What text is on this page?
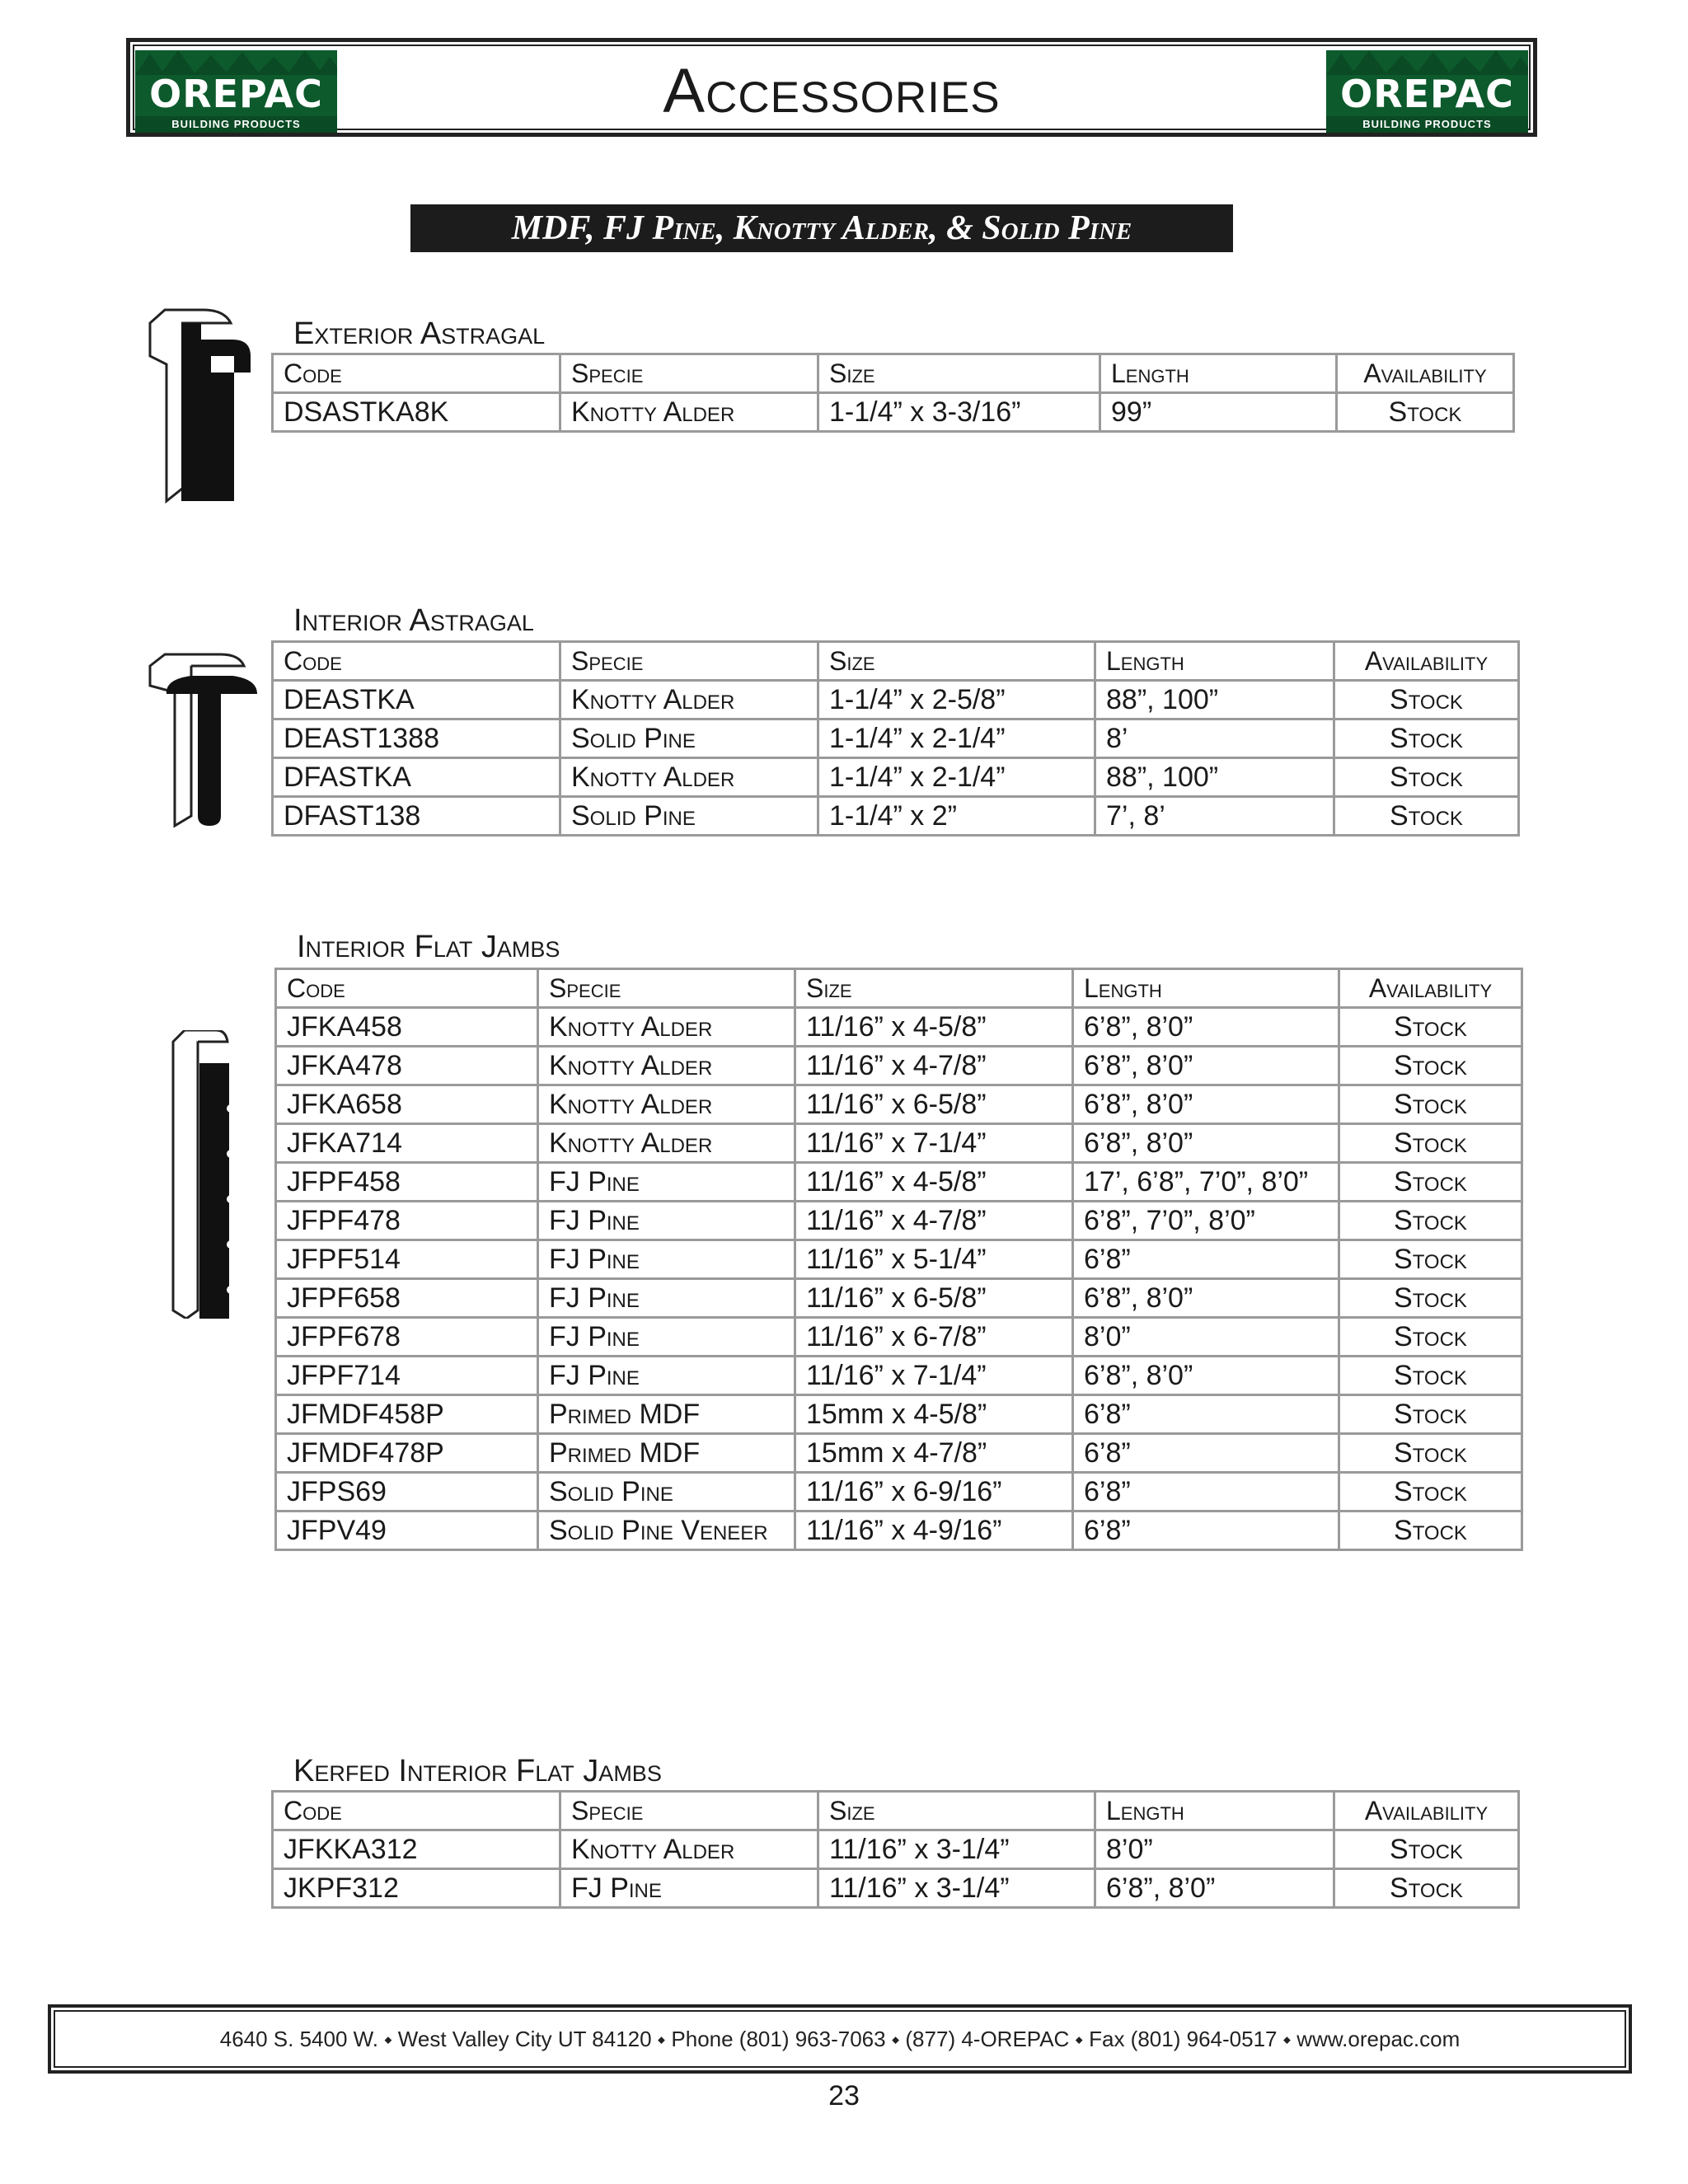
OREPAC
BUILDING PRODUCTS	Accessories	OREPAC
BUILDING PRODUCTS
MDF, FJ Pine, Knotty Alder, & Solid Pine
Exterior Astragal
Code	Specie	Size	Length	Availability
DSASTKA8K	Knotty Alder	1-1/4” x 3-3/16”	99”	Stock
Interior Astragal
Code	Specie	Size	Length	Availability
DEASTKA	Knotty Alder	1-1/4” x 2-5/8”	88”, 100”	Stock
DEAST1388	Solid Pine	1-1/4” x 2-1/4”	8’	Stock
DFASTKA	Knotty Alder	1-1/4” x 2-1/4”	88”, 100”	Stock
DFAST138	Solid Pine	1-1/4” x 2”	7’, 8’	Stock
Interior Flat Jambs
Code	Specie	Size	Length	Availability
JFKA458	Knotty Alder	11/16” x 4-5/8”	6’8”, 8’0”	Stock
JFKA478	Knotty Alder	11/16” x 4-7/8”	6’8”, 8’0”	Stock
JFKA658	Knotty Alder	11/16” x 6-5/8”	6’8”, 8’0”	Stock
JFKA714	Knotty Alder	11/16” x 7-1/4”	6’8”, 8’0”	Stock
JFPF458	FJ Pine	11/16” x 4-5/8”	17’, 6’8”, 7’0”, 8’0”	Stock
JFPF478	FJ Pine	11/16” x 4-7/8”	6’8”, 7’0”, 8’0”	Stock
JFPF514	FJ Pine	11/16” x 5-1/4”	6’8”	Stock
JFPF658	FJ Pine	11/16” x 6-5/8”	6’8”, 8’0”	Stock
JFPF678	FJ Pine	11/16” x 6-7/8”	8’0”	Stock
JFPF714	FJ Pine	11/16” x 7-1/4”	6’8”, 8’0”	Stock
JFMDF458P	Primed MDF	15mm x 4-5/8”	6’8”	Stock
JFMDF478P	Primed MDF	15mm x 4-7/8”	6’8”	Stock
JFPS69	Solid Pine	11/16” x 6-9/16”	6’8”	Stock
JFPV49	Solid Pine Veneer	11/16” x 4-9/16”	6’8”	Stock
Kerfed Interior Flat Jambs
Code	Specie	Size	Length	Availability
JFKKA312	Knotty Alder	11/16” x 3-1/4”	8’0”	Stock
JKPF312	FJ Pine	11/16” x 3-1/4”	6’8”, 8’0”	Stock
4640 S. 5400 W. ⬩ West Valley City UT 84120 ⬩ Phone (801) 963-7063 ⬩ (877) 4-OREPAC ⬩ Fax (801) 964-0517 ⬩ www.orepac.com
23
